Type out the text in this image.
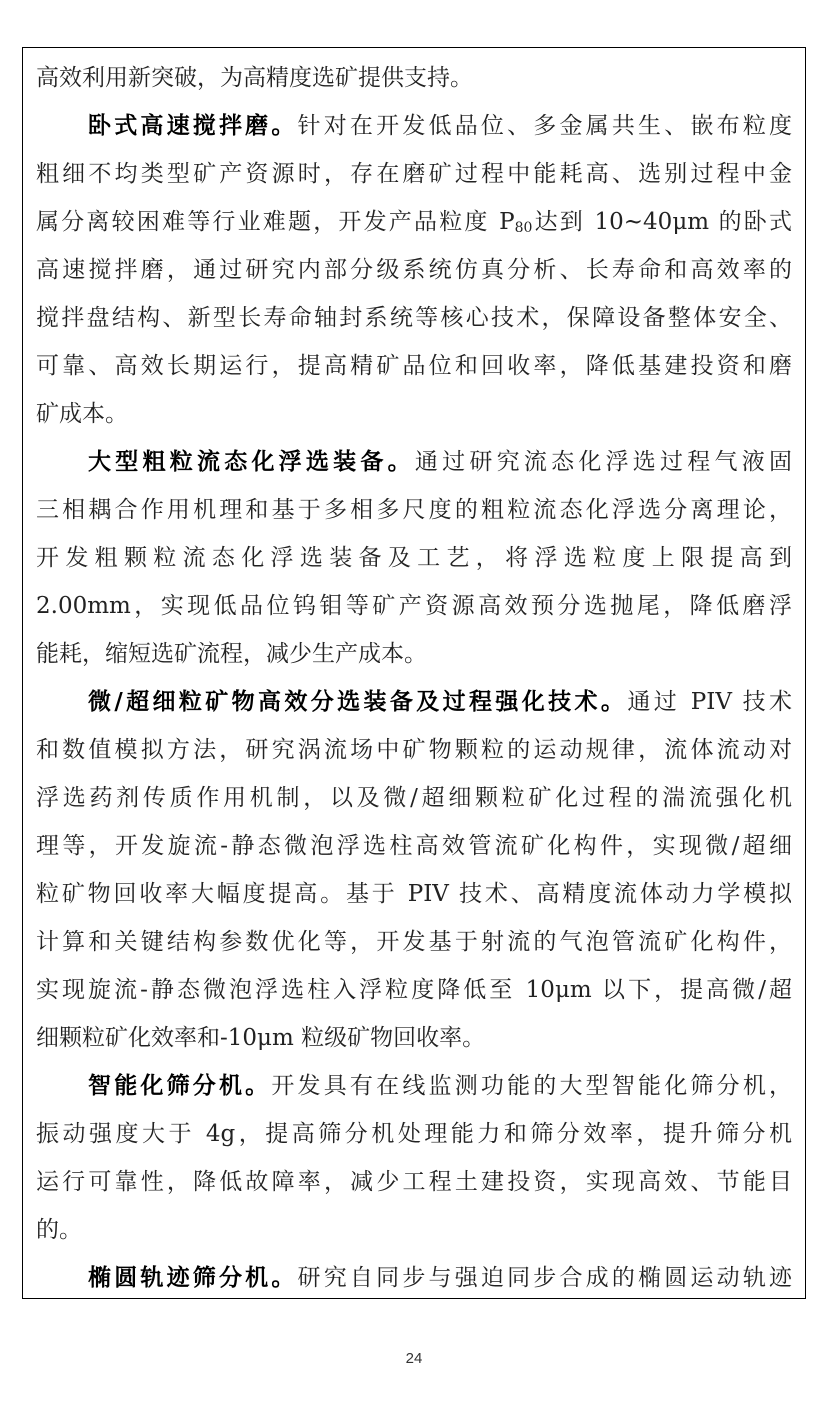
高效利用新突破，为高精度选矿提供支持。
卧式高速搅拌磨。针对在开发低品位、多金属共生、嵌布粒度
粗细不均类型矿产资源时，存在磨矿过程中能耗高、选别过程中金
属分离较困难等行业难题，开发产品粒度 $P_{80}$达到 10~40μm 的卧式
高速搅拌磨，通过研究内部分级系统仿真分析、长寿命和高效率的
搅拌盘结构、新型长寿命轴封系统等核心技术，保障设备整体安全、
可靠、高效长期运行，提高精矿品位和回收率，降低基建投资和磨
矿成本。
大型粗粒流态化浮选装备。通过研究流态化浮选过程气液固
三相耦合作用机理和基于多相多尺度的粗粒流态化浮选分离理论，
开发粗颗粒流态化浮选装备及工艺，将浮选粒度上限提高到
2.00mm，实现低品位钨钼等矿产资源高效预分选抛尾，降低磨浮
能耗，缩短选矿流程，减少生产成本。
微/超细粒矿物高效分选装备及过程强化技术。通过 PIV 技术
和数值模拟方法，研究涡流场中矿物颗粒的运动规律，流体流动对
浮选药剂传质作用机制，以及微/超细颗粒矿化过程的湍流强化机
理等，开发旋流-静态微泡浮选柱高效管流矿化构件，实现微/超细
粒矿物回收率大幅度提高。基于 PIV 技术、高精度流体动力学模拟
计算和关键结构参数优化等，开发基于射流的气泡管流矿化构件，
实现旋流-静态微泡浮选柱入浮粒度降低至 10μm 以下，提高微/超
细颗粒矿化效率和-10μm 粒级矿物回收率。
智能化筛分机。开发具有在线监测功能的大型智能化筛分机，
振动强度大于 4g，提高筛分机处理能力和筛分效率，提升筛分机
运行可靠性，降低故障率，减少工程土建投资，实现高效、节能目
的。
椭圆轨迹筛分机。研究自同步与强迫同步合成的椭圆运动轨迹
24
